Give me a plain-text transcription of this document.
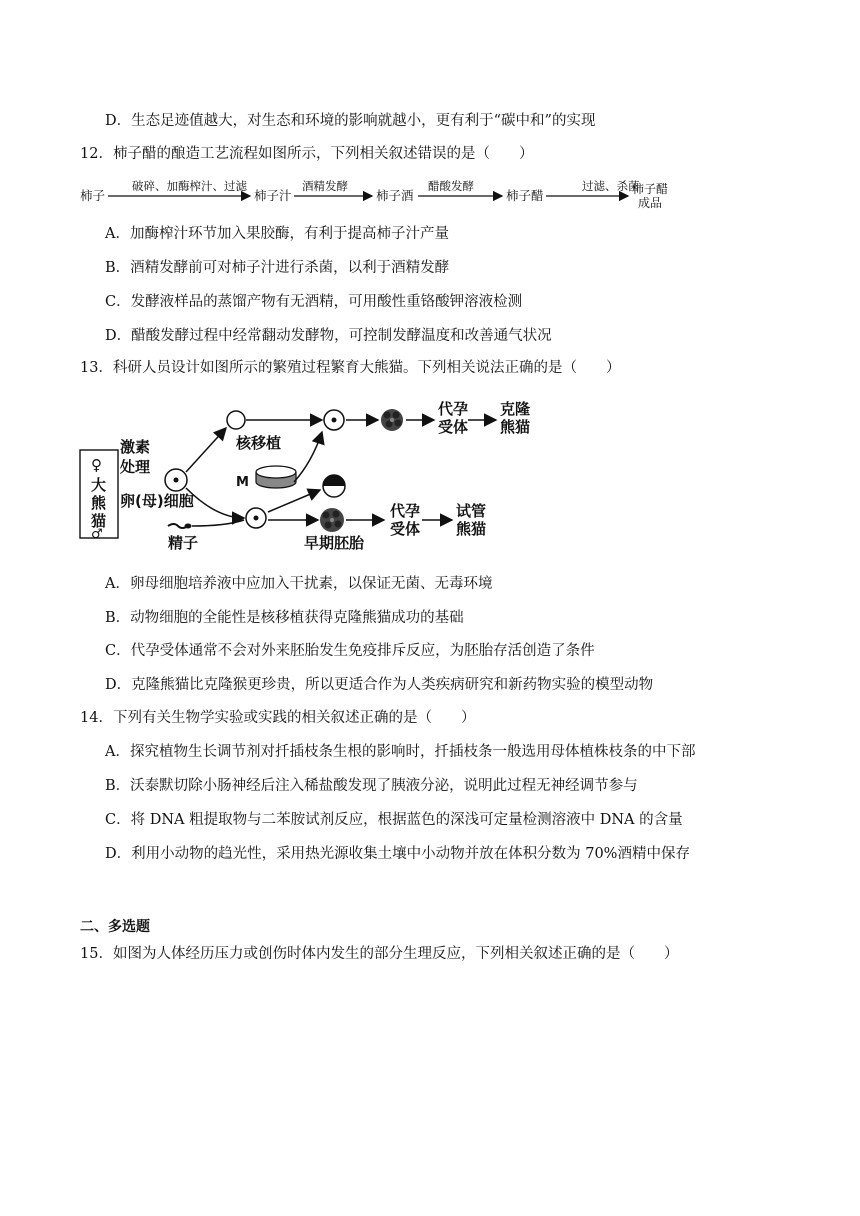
D．生态足迹值越大，对生态和环境的影响就越小，更有利于“碳中和”的实现
12．柿子醋的酿造工艺流程如图所示，下列相关叙述错误的是（　　）
柿子
破碎、加酶榨汁、过滤
柿子汁
酒精发酵
柿子酒
醋酸发酵
柿子醋
过滤、杀菌
柿子醋
成品
A．加酶榨汁环节加入果胶酶，有利于提高柿子汁产量
B．酒精发酵前可对柿子汁进行杀菌，以利于酒精发酵
C．发酵液样品的蒸馏产物有无酒精，可用酸性重铬酸钾溶液检测
D．醋酸发酵过程中经常翻动发酵物，可控制发酵温度和改善通气状况
13．科研人员设计如图所示的繁殖过程繁育大熊猫。下列相关说法正确的是（　　）
♀
大
熊
猫
♂
激素
处理
卵(母)细胞
精子
核移植
M
代孕
受体
克隆
熊猫
早期胚胎
代孕
受体
试管
熊猫
A．卵母细胞培养液中应加入干扰素，以保证无菌、无毒环境
B．动物细胞的全能性是核移植获得克隆熊猫成功的基础
C．代孕受体通常不会对外来胚胎发生免疫排斥反应，为胚胎存活创造了条件
D．克隆熊猫比克隆猴更珍贵，所以更适合作为人类疾病研究和新药物实验的模型动物
14．下列有关生物学实验或实践的相关叙述正确的是（　　）
A．探究植物生长调节剂对扦插枝条生根的影响时，扦插枝条一般选用母体植株枝条的中下部
B．沃泰默切除小肠神经后注入稀盐酸发现了胰液分泌，说明此过程无神经调节参与
C．将 DNA 粗提取物与二苯胺试剂反应，根据蓝色的深浅可定量检测溶液中 DNA 的含量
D．利用小动物的趋光性，采用热光源收集土壤中小动物并放在体积分数为 70%酒精中保存
二、多选题
15．如图为人体经历压力或创伤时体内发生的部分生理反应，下列相关叙述正确的是（　　）
